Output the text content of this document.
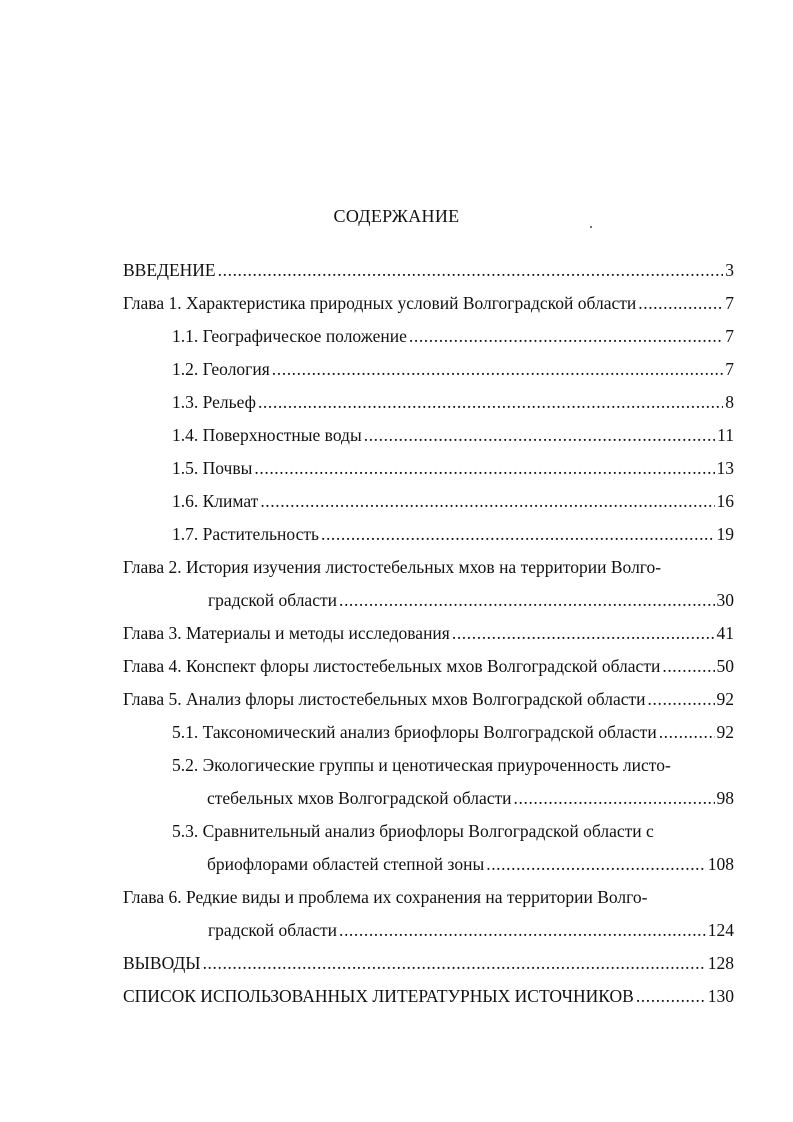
СОДЕРЖАНИЕ
ВВЕДЕНИЕ .....	3
Глава 1. Характеристика природных условий Волгоградской области .....	7
1.1. Географическое положение .....	7
1.2. Геология .....	7
1.3. Рельеф .....	8
1.4. Поверхностные воды .....	11
1.5. Почвы .....	13
1.6. Климат .....	16
1.7. Растительность .....	19
Глава 2. История изучения листостебельных мхов на территории Волго-
градской области .....	30
Глава 3. Материалы и методы исследования .....	41
Глава 4. Конспект флоры листостебельных мхов Волгоградской области .....	50
Глава 5. Анализ флоры листостебельных мхов Волгоградской области .....	92
5.1. Таксономический анализ бриофлоры Волгоградской области .....	92
5.2. Экологические группы и ценотическая приуроченность листо-
стебельных мхов Волгоградской области .....	98
5.3. Сравнительный анализ бриофлоры Волгоградской области с
бриофлорами областей степной зоны .....	108
Глава 6. Редкие виды и проблема их сохранения на территории Волго-
градской области .....	124
ВЫВОДЫ .....	128
СПИСОК ИСПОЛЬЗОВАННЫХ ЛИТЕРАТУРНЫХ ИСТОЧНИКОВ .....	130
